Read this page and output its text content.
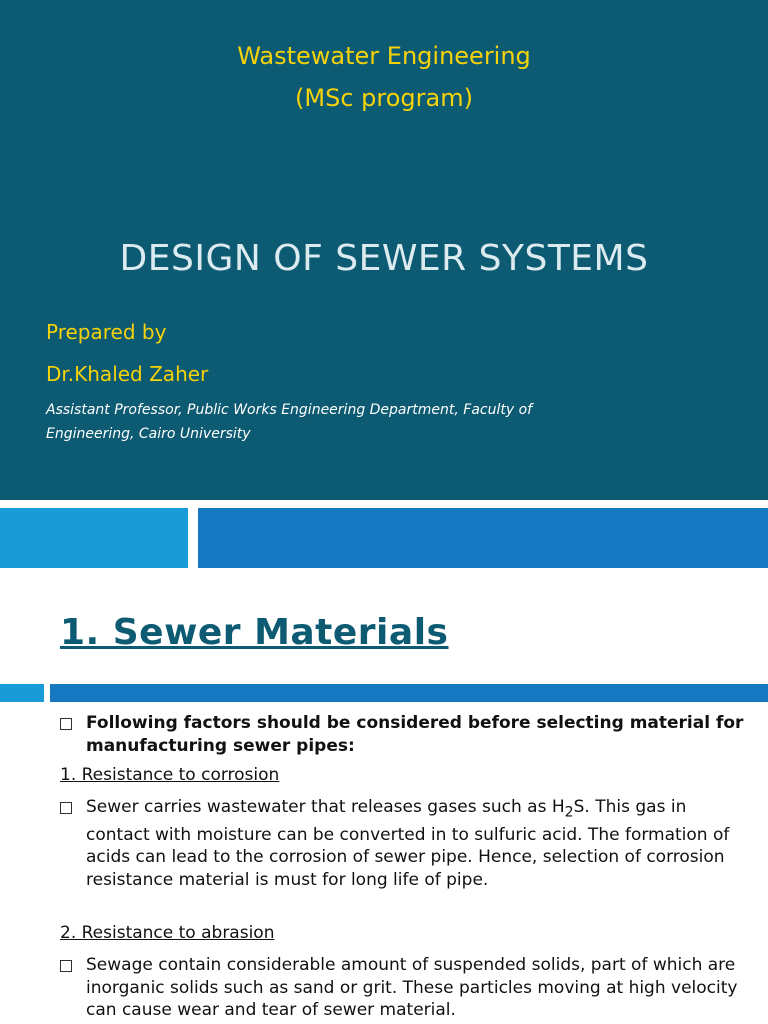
Wastewater Engineering
(MSc program)
DESIGN OF SEWER SYSTEMS
Prepared by
Dr.Khaled Zaher
Assistant Professor, Public Works Engineering Department, Faculty of Engineering, Cairo University
1. Sewer Materials
Following factors should be considered before selecting material for manufacturing sewer pipes:
1. Resistance to corrosion
Sewer carries wastewater that releases gases such as $H_2S$. This gas in contact with moisture can be converted in to sulfuric acid. The formation of acids can lead to the corrosion of sewer pipe. Hence, selection of corrosion resistance material is must for long life of pipe.
2. Resistance to abrasion
Sewage contain considerable amount of suspended solids, part of which are inorganic solids such as sand or grit. These particles moving at high velocity can cause wear and tear of sewer material.
